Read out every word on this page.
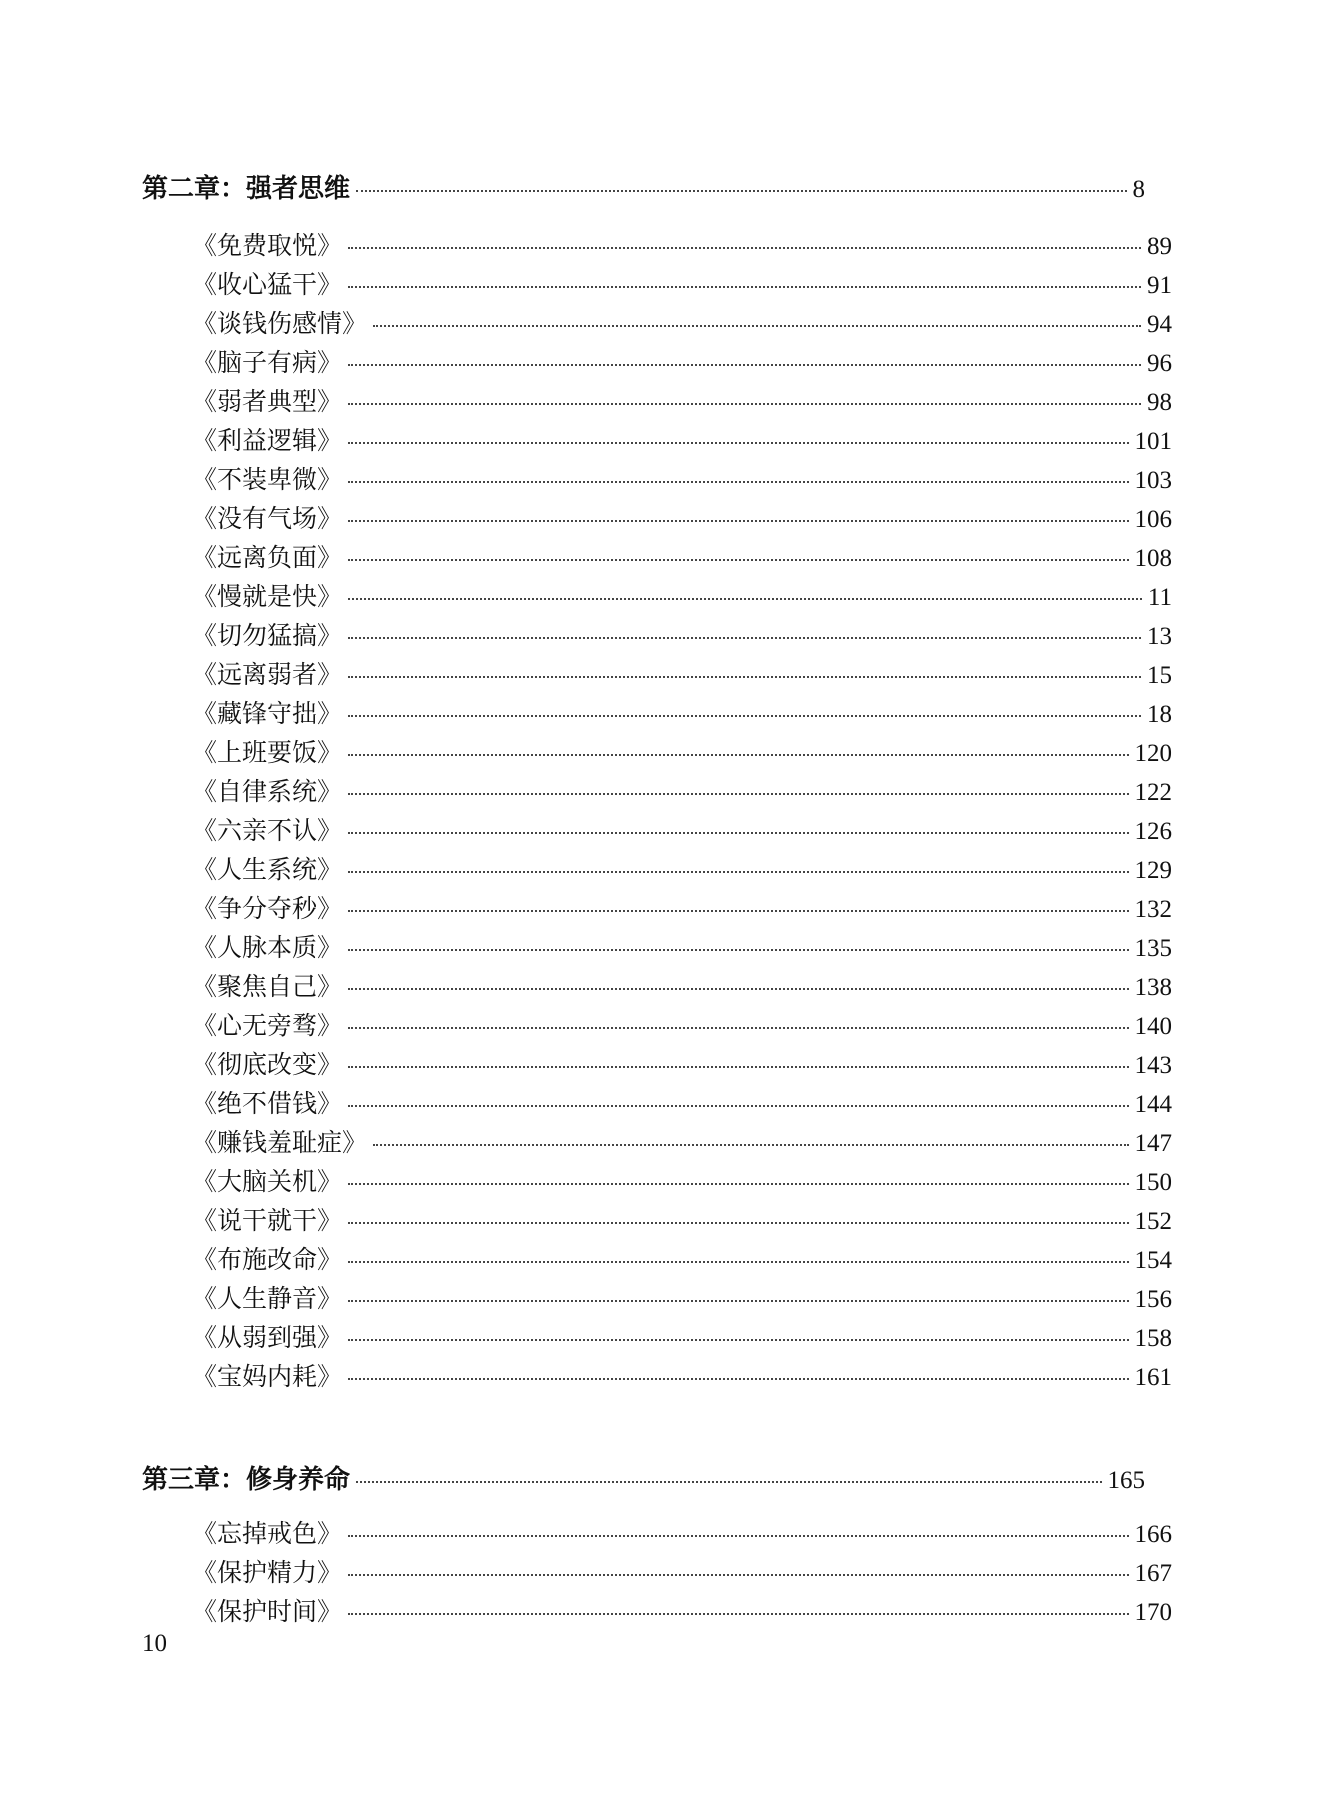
第二章：强者思维	8
《免费取悦》	89
《收心猛干》	91
《谈钱伤感情》	94
《脑子有病》	96
《弱者典型》	98
《利益逻辑》	101
《不装卑微》	103
《没有气场》	106
《远离负面》	108
《慢就是快》	11
《切勿猛搞》	13
《远离弱者》	15
《藏锋守拙》	18
《上班要饭》	120
《自律系统》	122
《六亲不认》	126
《人生系统》	129
《争分夺秒》	132
《人脉本质》	135
《聚焦自己》	138
《心无旁骛》	140
《彻底改变》	143
《绝不借钱》	144
《赚钱羞耻症》	147
《大脑关机》	150
《说干就干》	152
《布施改命》	154
《人生静音》	156
《从弱到强》	158
《宝妈内耗》	161
第三章：修身养命	165
《忘掉戒色》	166
《保护精力》	167
《保护时间》	170
10
